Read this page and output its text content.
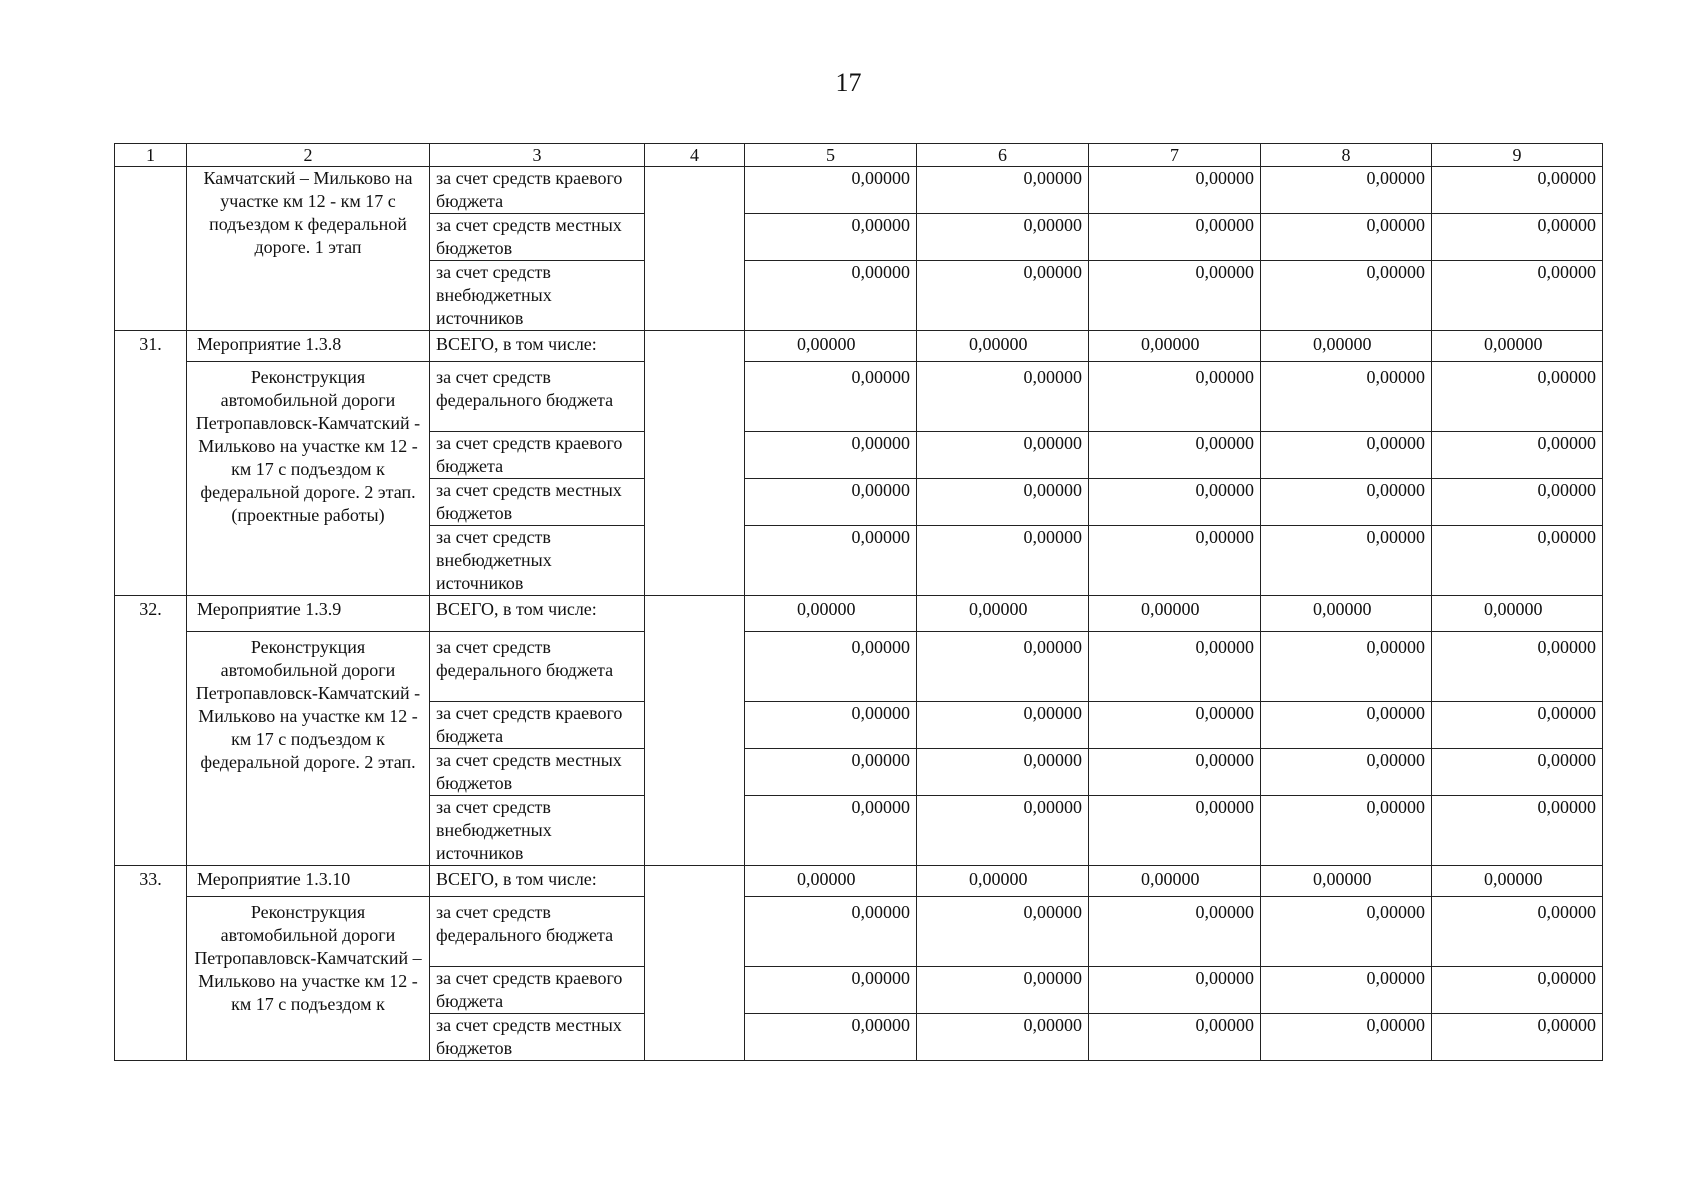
17
1	2	3	4	5	6	7	8	9
	Камчатский – Мильково на участке км 12 - км 17 с подъездом к федеральной дороге. 1 этап	за счет средств краевого бюджета		0,00000	0,00000	0,00000	0,00000	0,00000
		за счет средств местных бюджетов		0,00000	0,00000	0,00000	0,00000	0,00000
		за счет средств внебюджетных источников		0,00000	0,00000	0,00000	0,00000	0,00000
31.	Мероприятие 1.3.8	ВСЕГО, в том числе:		0,00000	0,00000	0,00000	0,00000	0,00000
	Реконструкция автомобильной дороги Петропавловск-Камчатский - Мильково на участке км 12 - км 17 с подъездом к федеральной дороге. 2 этап. (проектные работы)	за счет средств федерального бюджета		0,00000	0,00000	0,00000	0,00000	0,00000
		за счет средств краевого бюджета		0,00000	0,00000	0,00000	0,00000	0,00000
		за счет средств местных бюджетов		0,00000	0,00000	0,00000	0,00000	0,00000
		за счет средств внебюджетных источников		0,00000	0,00000	0,00000	0,00000	0,00000
32.	Мероприятие 1.3.9	ВСЕГО, в том числе:		0,00000	0,00000	0,00000	0,00000	0,00000
	Реконструкция автомобильной дороги Петропавловск-Камчатский - Мильково на участке км 12 - км 17 с подъездом к федеральной дороге. 2 этап.	за счет средств федерального бюджета		0,00000	0,00000	0,00000	0,00000	0,00000
		за счет средств краевого бюджета		0,00000	0,00000	0,00000	0,00000	0,00000
		за счет средств местных бюджетов		0,00000	0,00000	0,00000	0,00000	0,00000
		за счет средств внебюджетных источников		0,00000	0,00000	0,00000	0,00000	0,00000
33.	Мероприятие 1.3.10	ВСЕГО, в том числе:		0,00000	0,00000	0,00000	0,00000	0,00000
	Реконструкция автомобильной дороги Петропавловск-Камчатский – Мильково на участке км 12 - км 17 с подъездом к	за счет средств федерального бюджета		0,00000	0,00000	0,00000	0,00000	0,00000
		за счет средств краевого бюджета		0,00000	0,00000	0,00000	0,00000	0,00000
		за счет средств местных бюджетов		0,00000	0,00000	0,00000	0,00000	0,00000
